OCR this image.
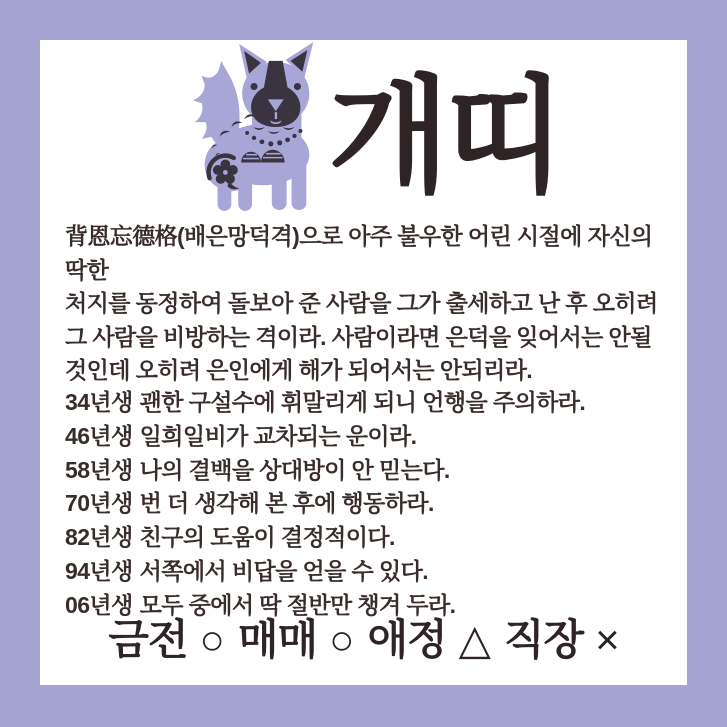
개띠
背恩忘德格(배은망덕격)으로 아주 불우한 어린 시절에 자신의 딱한
처지를 동정하여 돌보아 준 사람을 그가 출세하고 난 후 오히려
그 사람을 비방하는 격이라. 사람이라면 은덕을 잊어서는 안될
것인데 오히려 은인에게 해가 되어서는 안되리라.
34년생 괜한 구설수에 휘말리게 되니 언행을 주의하라.
46년생 일희일비가 교차되는 운이라.
58년생 나의 결백을 상대방이 안 믿는다.
70년생 번 더 생각해 본 후에 행동하라.
82년생 친구의 도움이 결정적이다.
94년생 서쪽에서 비답을 얻을 수 있다.
06년생 모두 중에서 딱 절반만 챙겨 두라.
금전 ○ 매매 ○ 애정 △ 직장 ×
